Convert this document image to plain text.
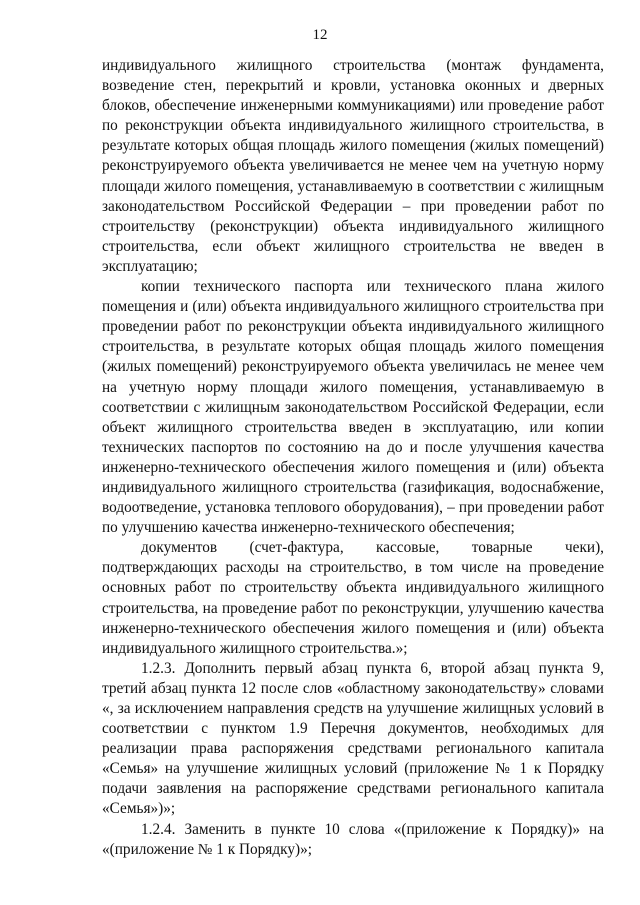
12

индивидуального жилищного строительства (монтаж фундамента, возведение стен, перекрытий и кровли, установка оконных и дверных блоков, обеспечение инженерными коммуникациями) или проведение работ по реконструкции объекта индивидуального жилищного строительства, в результате которых общая площадь жилого помещения (жилых помещений) реконструируемого объекта увеличивается не менее чем на учетную норму площади жилого помещения, устанавливаемую в соответствии с жилищным законодательством Российской Федерации – при проведении работ по строительству (реконструкции) объекта индивидуального жилищного строительства, если объект жилищного строительства не введен в эксплуатацию;

копии технического паспорта или технического плана жилого помещения и (или) объекта индивидуального жилищного строительства при проведении работ по реконструкции объекта индивидуального жилищного строительства, в результате которых общая площадь жилого помещения (жилых помещений) реконструируемого объекта увеличилась не менее чем на учетную норму площади жилого помещения, устанавливаемую в соответствии с жилищным законодательством Российской Федерации, если объект жилищного строительства введен в эксплуатацию, или копии технических паспортов по состоянию на до и после улучшения качества инженерно-технического обеспечения жилого помещения и (или) объекта индивидуального жилищного строительства (газификация, водоснабжение, водоотведение, установка теплового оборудования), – при проведении работ по улучшению качества инженерно-технического обеспечения;

документов (счет-фактура, кассовые, товарные чеки), подтверждающих расходы на строительство, в том числе на проведение основных работ по строительству объекта индивидуального жилищного строительства, на проведение работ по реконструкции, улучшению качества инженерно-технического обеспечения жилого помещения и (или) объекта индивидуального жилищного строительства.»;

1.2.3. Дополнить первый абзац пункта 6, второй абзац пункта 9, третий абзац пункта 12 после слов «областному законодательству» словами «, за исключением направления средств на улучшение жилищных условий в соответствии с пунктом 1.9 Перечня документов, необходимых для реализации права распоряжения средствами регионального капитала «Семья» на улучшение жилищных условий (приложение № 1 к Порядку подачи заявления на распоряжение средствами регионального капитала «Семья»)»;

1.2.4. Заменить в пункте 10 слова «(приложение к Порядку)» на «(приложение № 1 к Порядку)»;
